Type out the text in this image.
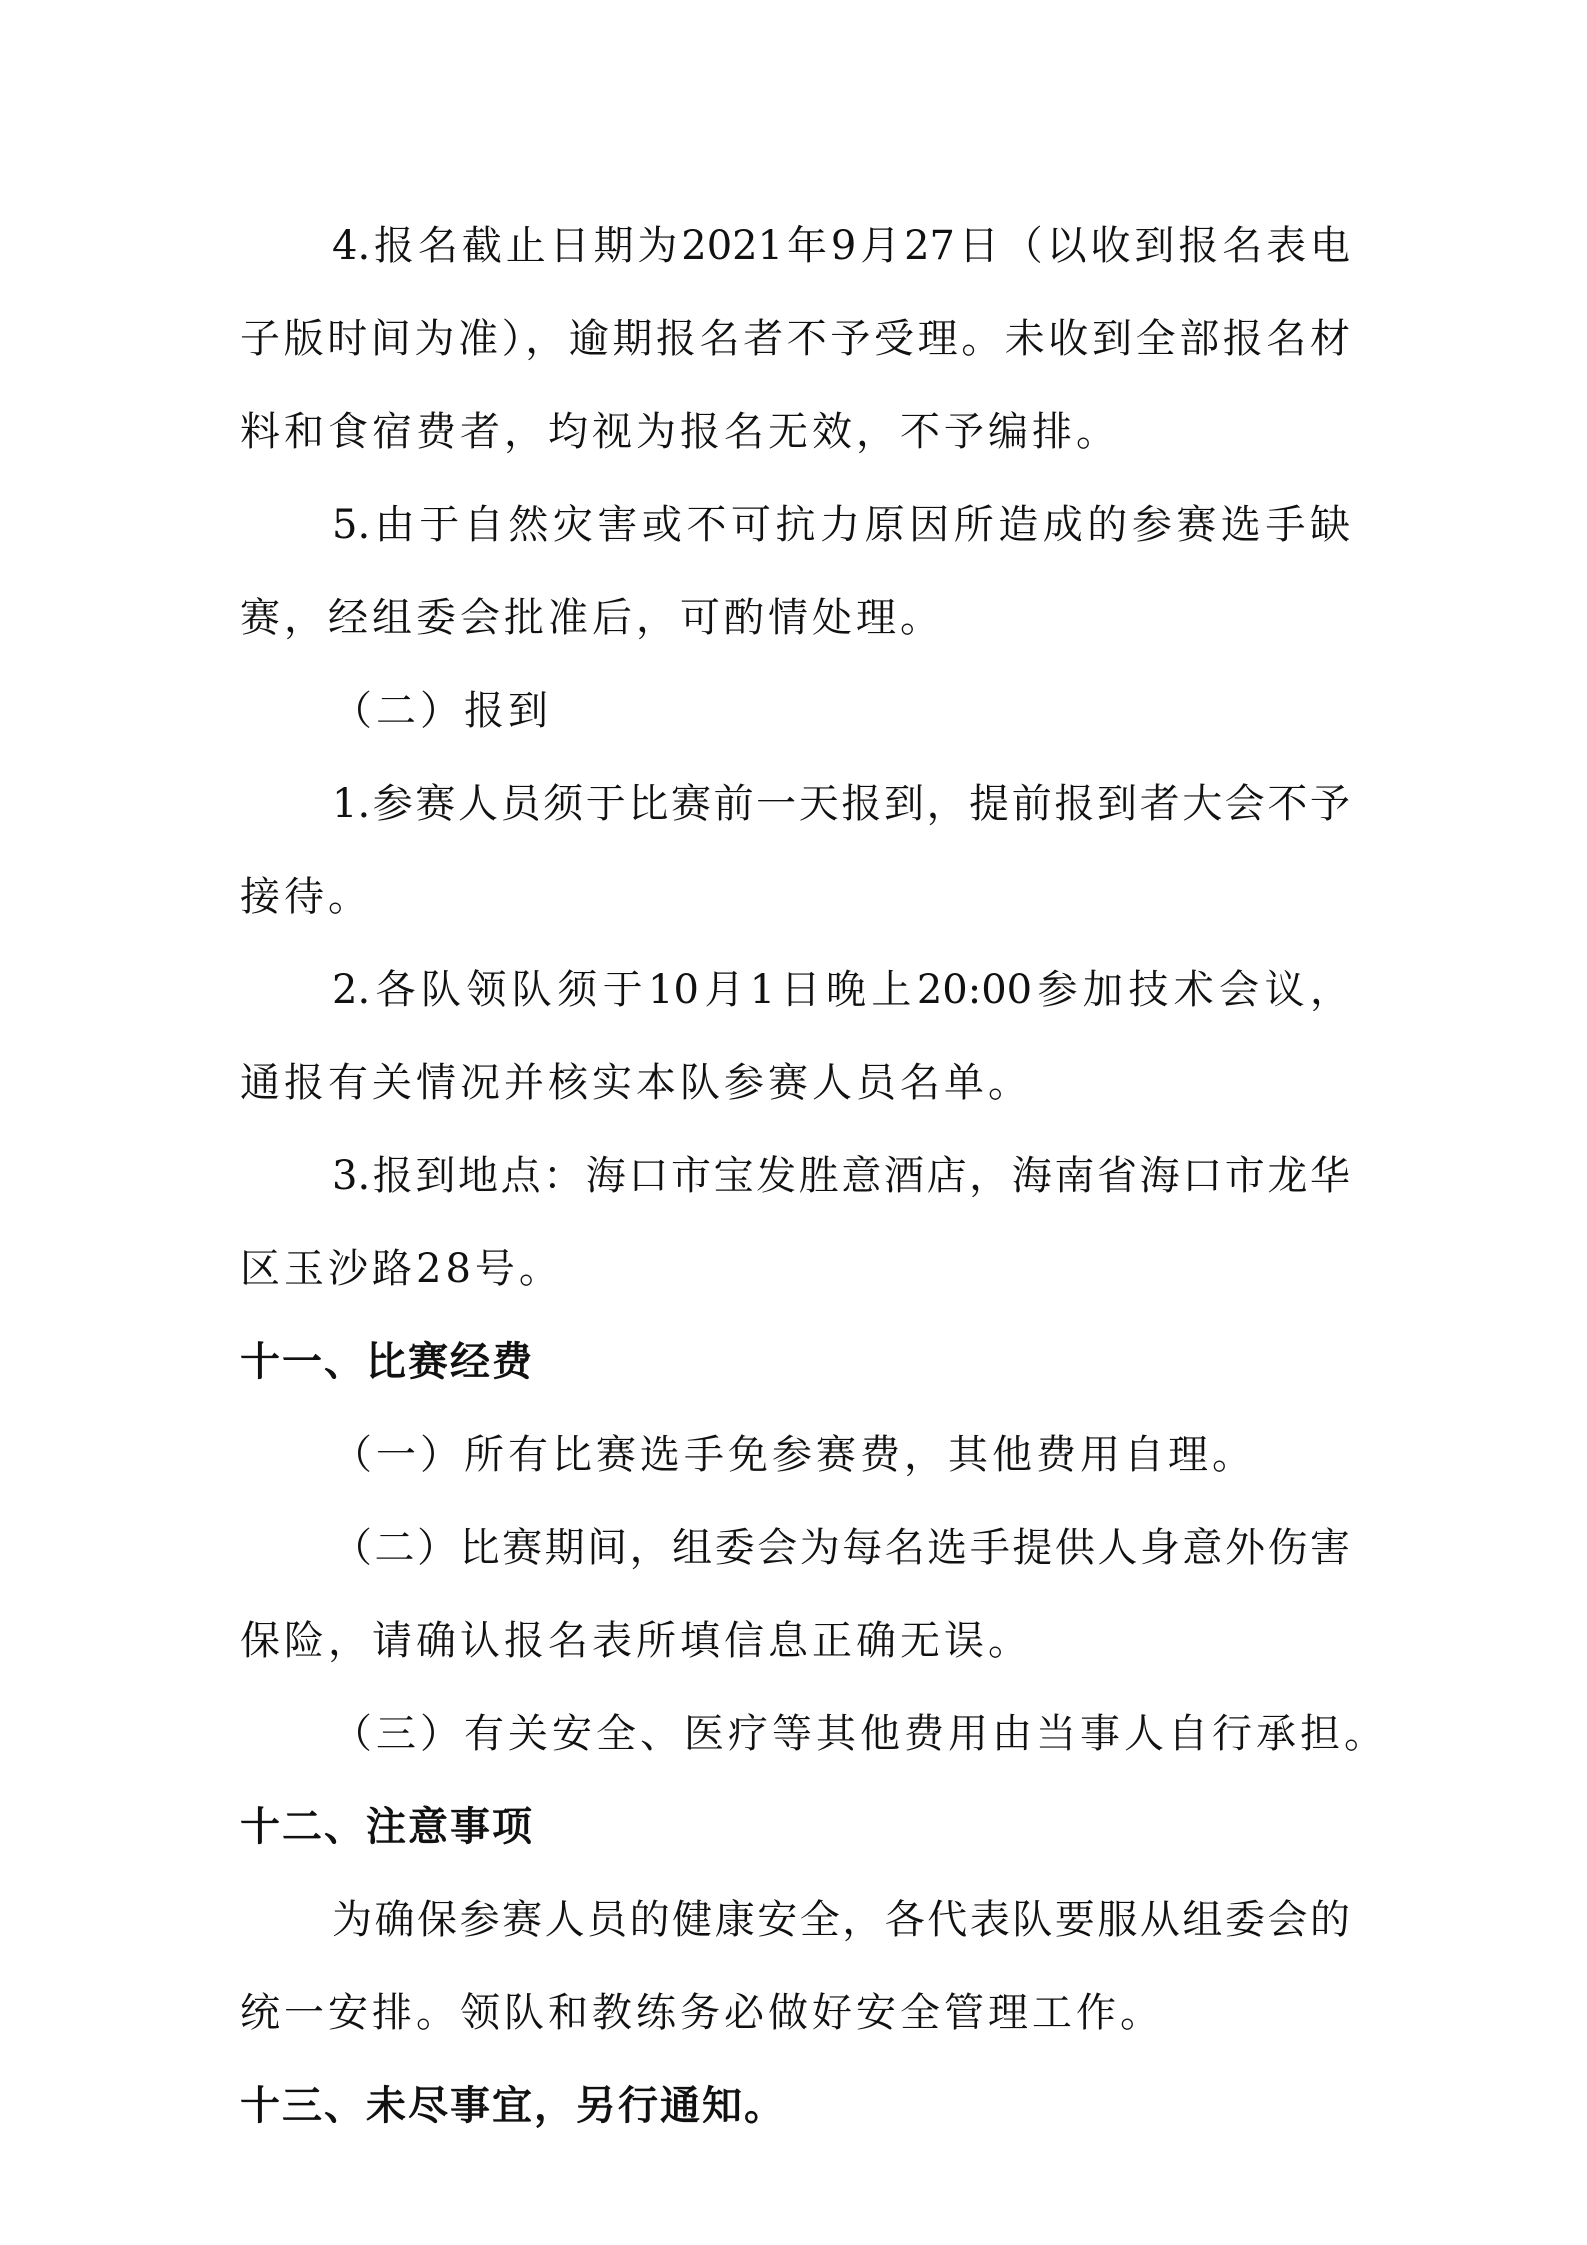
4.报名截止日期为2021年9月27日（以收到报名表电
子版时间为准），逾期报名者不予受理。未收到全部报名材
料和食宿费者，均视为报名无效，不予编排。
5.由于自然灾害或不可抗力原因所造成的参赛选手缺
赛，经组委会批准后，可酌情处理。
（二）报到
1.参赛人员须于比赛前一天报到，提前报到者大会不予
接待。
2.各队领队须于10月1日晚上20:00参加技术会议，
通报有关情况并核实本队参赛人员名单。
3.报到地点：海口市宝发胜意酒店，海南省海口市龙华
区玉沙路28号。
十一、比赛经费
（一）所有比赛选手免参赛费，其他费用自理。
（二）比赛期间，组委会为每名选手提供人身意外伤害
保险，请确认报名表所填信息正确无误。
（三）有关安全、医疗等其他费用由当事人自行承担。
十二、注意事项
为确保参赛人员的健康安全，各代表队要服从组委会的
统一安排。领队和教练务必做好安全管理工作。
十三、未尽事宜，另行通知。
